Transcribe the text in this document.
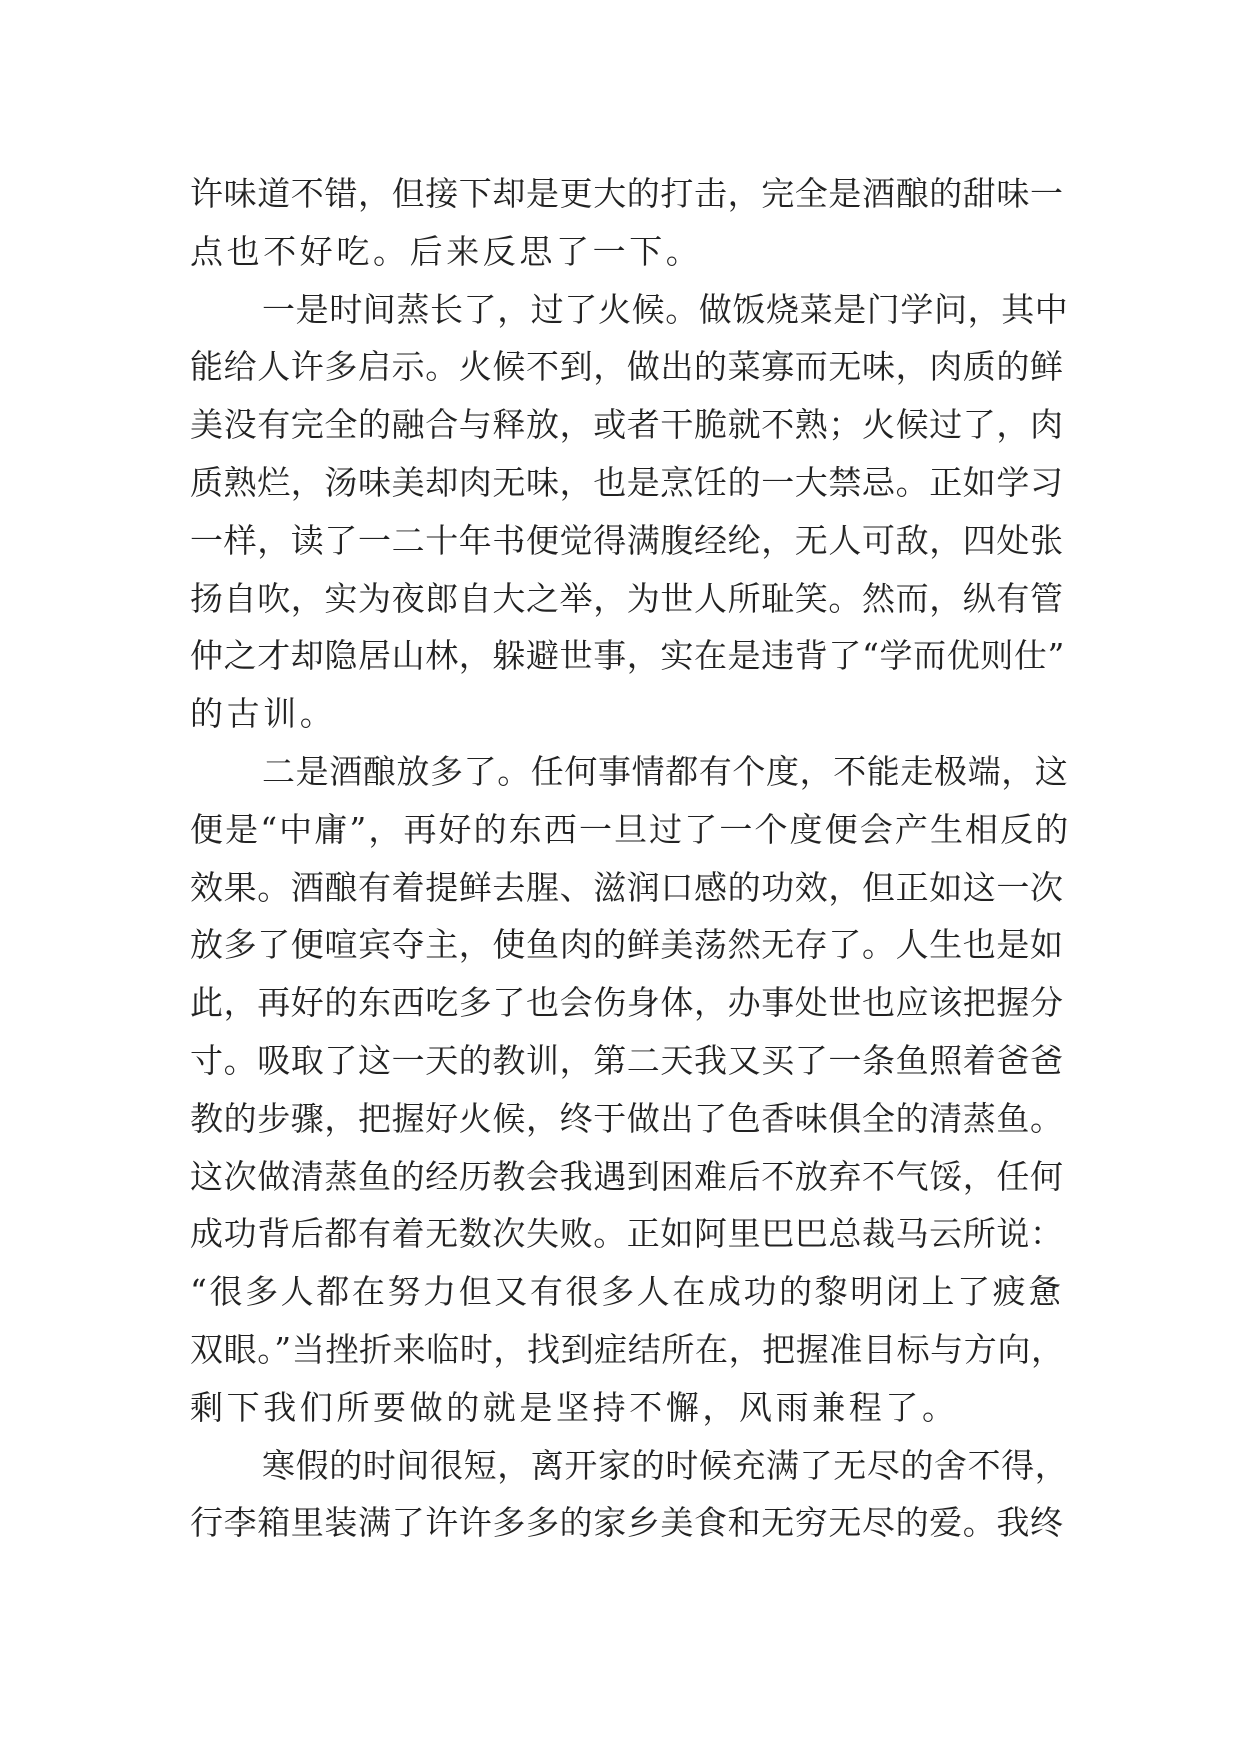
许味道不错，但接下却是更大的打击，完全是酒酿的甜味一
点也不好吃。后来反思了一下。
一是时间蒸长了，过了火候。做饭烧菜是门学问，其中
能给人许多启示。火候不到，做出的菜寡而无味，肉质的鲜
美没有完全的融合与释放，或者干脆就不熟；火候过了，肉
质熟烂，汤味美却肉无味，也是烹饪的一大禁忌。正如学习
一样，读了一二十年书便觉得满腹经纶，无人可敌，四处张
扬自吹，实为夜郎自大之举，为世人所耻笑。然而，纵有管
仲之才却隐居山林，躲避世事，实在是违背了“学而优则仕”
的古训。
二是酒酿放多了。任何事情都有个度，不能走极端，这
便是“中庸”，再好的东西一旦过了一个度便会产生相反的
效果。酒酿有着提鲜去腥、滋润口感的功效，但正如这一次
放多了便喧宾夺主，使鱼肉的鲜美荡然无存了。人生也是如
此，再好的东西吃多了也会伤身体，办事处世也应该把握分
寸。吸取了这一天的教训，第二天我又买了一条鱼照着爸爸
教的步骤，把握好火候，终于做出了色香味俱全的清蒸鱼。
这次做清蒸鱼的经历教会我遇到困难后不放弃不气馁，任何
成功背后都有着无数次失败。正如阿里巴巴总裁马云所说：
“很多人都在努力但又有很多人在成功的黎明闭上了疲惫
双眼。”当挫折来临时，找到症结所在，把握准目标与方向，
剩下我们所要做的就是坚持不懈，风雨兼程了。
寒假的时间很短，离开家的时候充满了无尽的舍不得，
行李箱里装满了许许多多的家乡美食和无穷无尽的爱。我终
